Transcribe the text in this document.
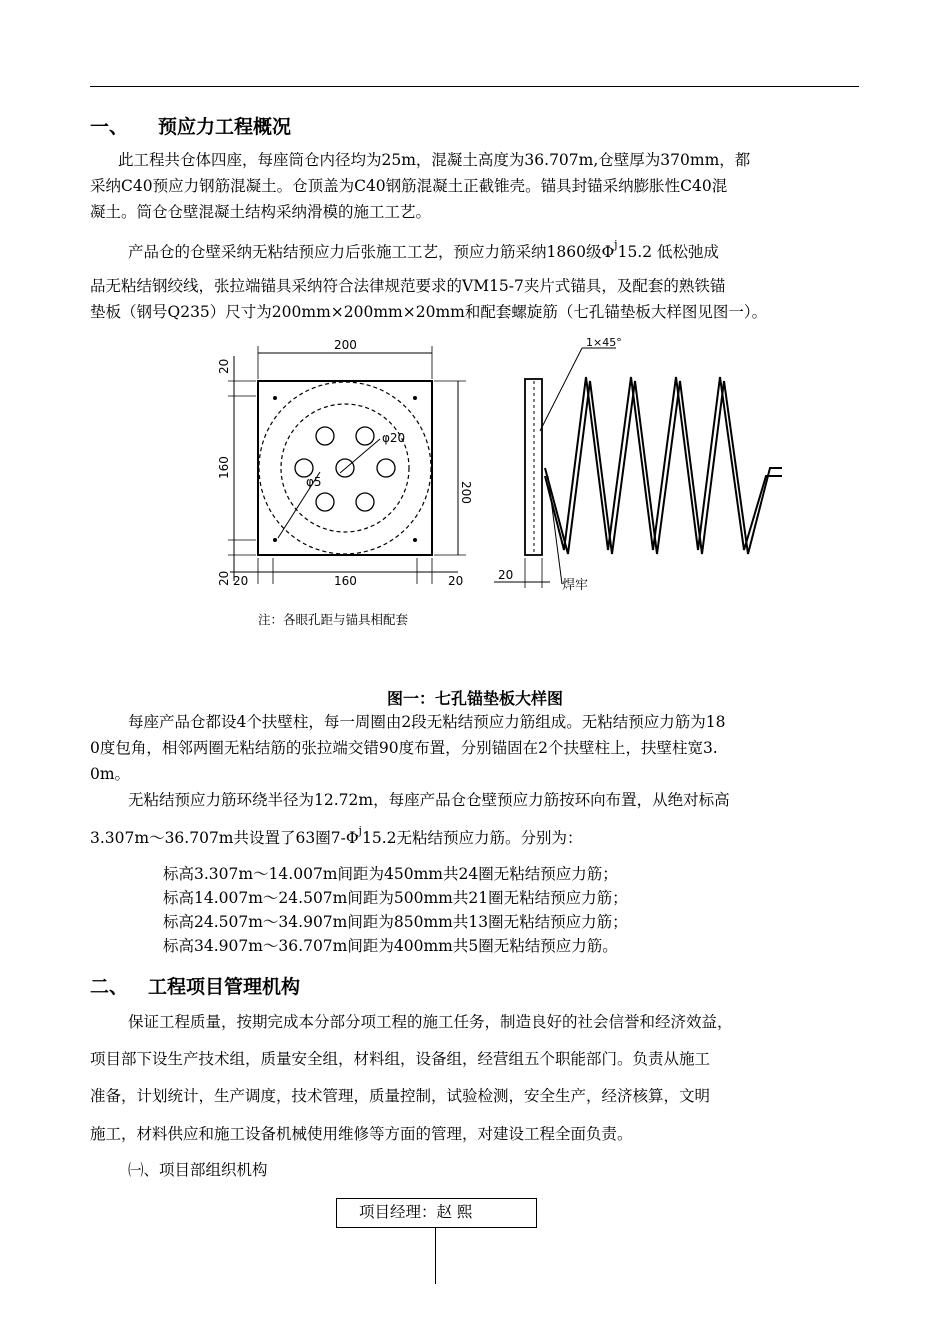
一、 预应力工程概况
此工程共仓体四座，每座筒仓内径均为25m，混凝土高度为36.707m,仓壁厚为370mm，都
采纳C40预应力钢筋混凝土。仓顶盖为C40钢筋混凝土正截锥壳。锚具封锚采纳膨胀性C40混
凝土。筒仓仓壁混凝土结构采纳滑模的施工工艺。
产品仓的仓壁采纳无粘结预应力后张施工工艺，预应力筋采纳1860级$\Phi^j15.2$ 低松弛成
品无粘结钢绞线，张拉端锚具采纳符合法律规范要求的VM15-7夹片式锚具，及配套的熟铁锚
垫板（钢号Q235）尺寸为200mm×200mm×20mm和配套螺旋筋（七孔锚垫板大样图见图一）。
φ20
φ5
200
20
160
20
200
20	160	20
注：各眼孔距与锚具相配套
1×45°
20
焊牢
图一：七孔锚垫板大样图
每座产品仓都设4个扶壁柱，每一周圈由2段无粘结预应力筋组成。无粘结预应力筋为18
0度包角，相邻两圈无粘结筋的张拉端交错90度布置，分别锚固在2个扶壁柱上，扶壁柱宽3.
0m。
无粘结预应力筋环绕半径为12.72m，每座产品仓仓壁预应力筋按环向布置，从绝对标高
3.307m～36.707m共设置了63圈$7-\Phi^j15.2$无粘结预应力筋。分别为：
标高3.307m～14.007m间距为450mm共24圈无粘结预应力筋；
标高14.007m～24.507m间距为500mm共21圈无粘结预应力筋；
标高24.507m～34.907m间距为850mm共13圈无粘结预应力筋；
标高34.907m～36.707m间距为400mm共5圈无粘结预应力筋。
二、 工程项目管理机构
保证工程质量，按期完成本分部分项工程的施工任务，制造良好的社会信誉和经济效益，
项目部下设生产技术组，质量安全组，材料组，设备组，经营组五个职能部门。负责从施工
准备，计划统计，生产调度，技术管理，质量控制，试验检测，安全生产，经济核算，文明
施工，材料供应和施工设备机械使用维修等方面的管理，对建设工程全面负责。
㈠、项目部组织机构
项目经理：赵 熙
